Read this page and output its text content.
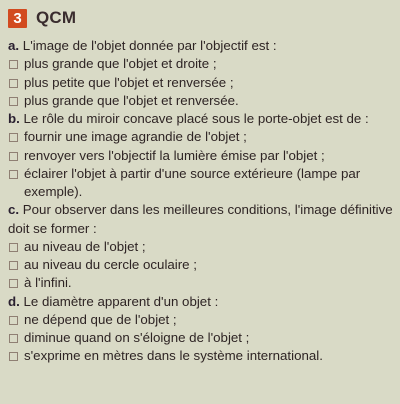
3 QCM
a. L'image de l'objet donnée par l'objectif est :
plus grande que l'objet et droite ;
plus petite que l'objet et renversée ;
plus grande que l'objet et renversée.
b. Le rôle du miroir concave placé sous le porte-objet est de :
fournir une image agrandie de l'objet ;
renvoyer vers l'objectif la lumière émise par l'objet ;
éclairer l'objet à partir d'une source extérieure (lampe par exemple).
c. Pour observer dans les meilleures conditions, l'image définitive doit se former :
au niveau de l'objet ;
au niveau du cercle oculaire ;
à l'infini.
d. Le diamètre apparent d'un objet :
ne dépend que de l'objet ;
diminue quand on s'éloigne de l'objet ;
s'exprime en mètres dans le système international.
